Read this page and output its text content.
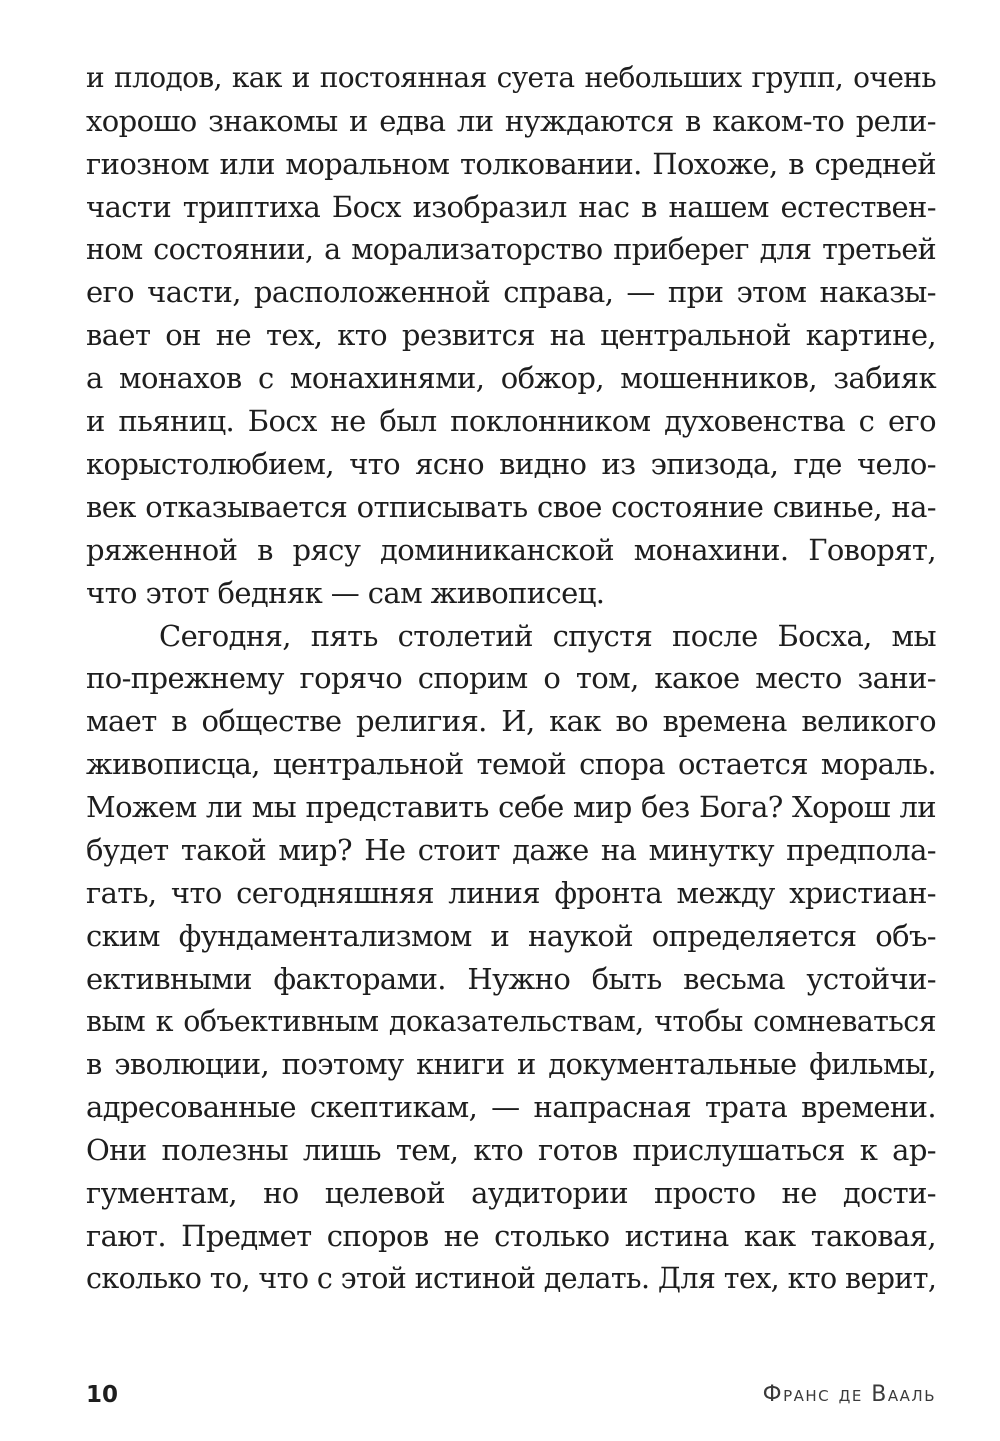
и плодов, как и постоянная суета небольших групп, очень
хорошо знакомы и едва ли нуждаются в каком-то рели-
гиозном или моральном толковании. Похоже, в средней
части триптиха Босх изобразил нас в нашем естествен-
ном состоянии, а морализаторство приберег для третьей
его части, расположенной справа, — при этом наказы-
вает он не тех, кто резвится на центральной картине,
а монахов с монахинями, обжор, мошенников, забияк
и пьяниц. Босх не был поклонником духовенства с его
корыстолюбием, что ясно видно из эпизода, где чело-
век отказывается отписывать свое состояние свинье, на-
ряженной в рясу доминиканской монахини. Говорят,
что этот бедняк — сам живописец.
Сегодня, пять столетий спустя после Босха, мы
по-прежнему горячо спорим о том, какое место зани-
мает в обществе религия. И, как во времена великого
живописца, центральной темой спора остается мораль.
Можем ли мы представить себе мир без Бога? Хорош ли
будет такой мир? Не стоит даже на минутку предпола-
гать, что сегодняшняя линия фронта между христиан-
ским фундаментализмом и наукой определяется объ-
ективными факторами. Нужно быть весьма устойчи-
вым к объективным доказательствам, чтобы сомневаться
в эволюции, поэтому книги и документальные фильмы,
адресованные скептикам, — напрасная трата времени.
Они полезны лишь тем, кто готов прислушаться к ар-
гументам, но целевой аудитории просто не дости-
гают. Предмет споров не столько истина как таковая,
сколько то, что с этой истиной делать. Для тех, кто верит,
10	Франс де Вааль
